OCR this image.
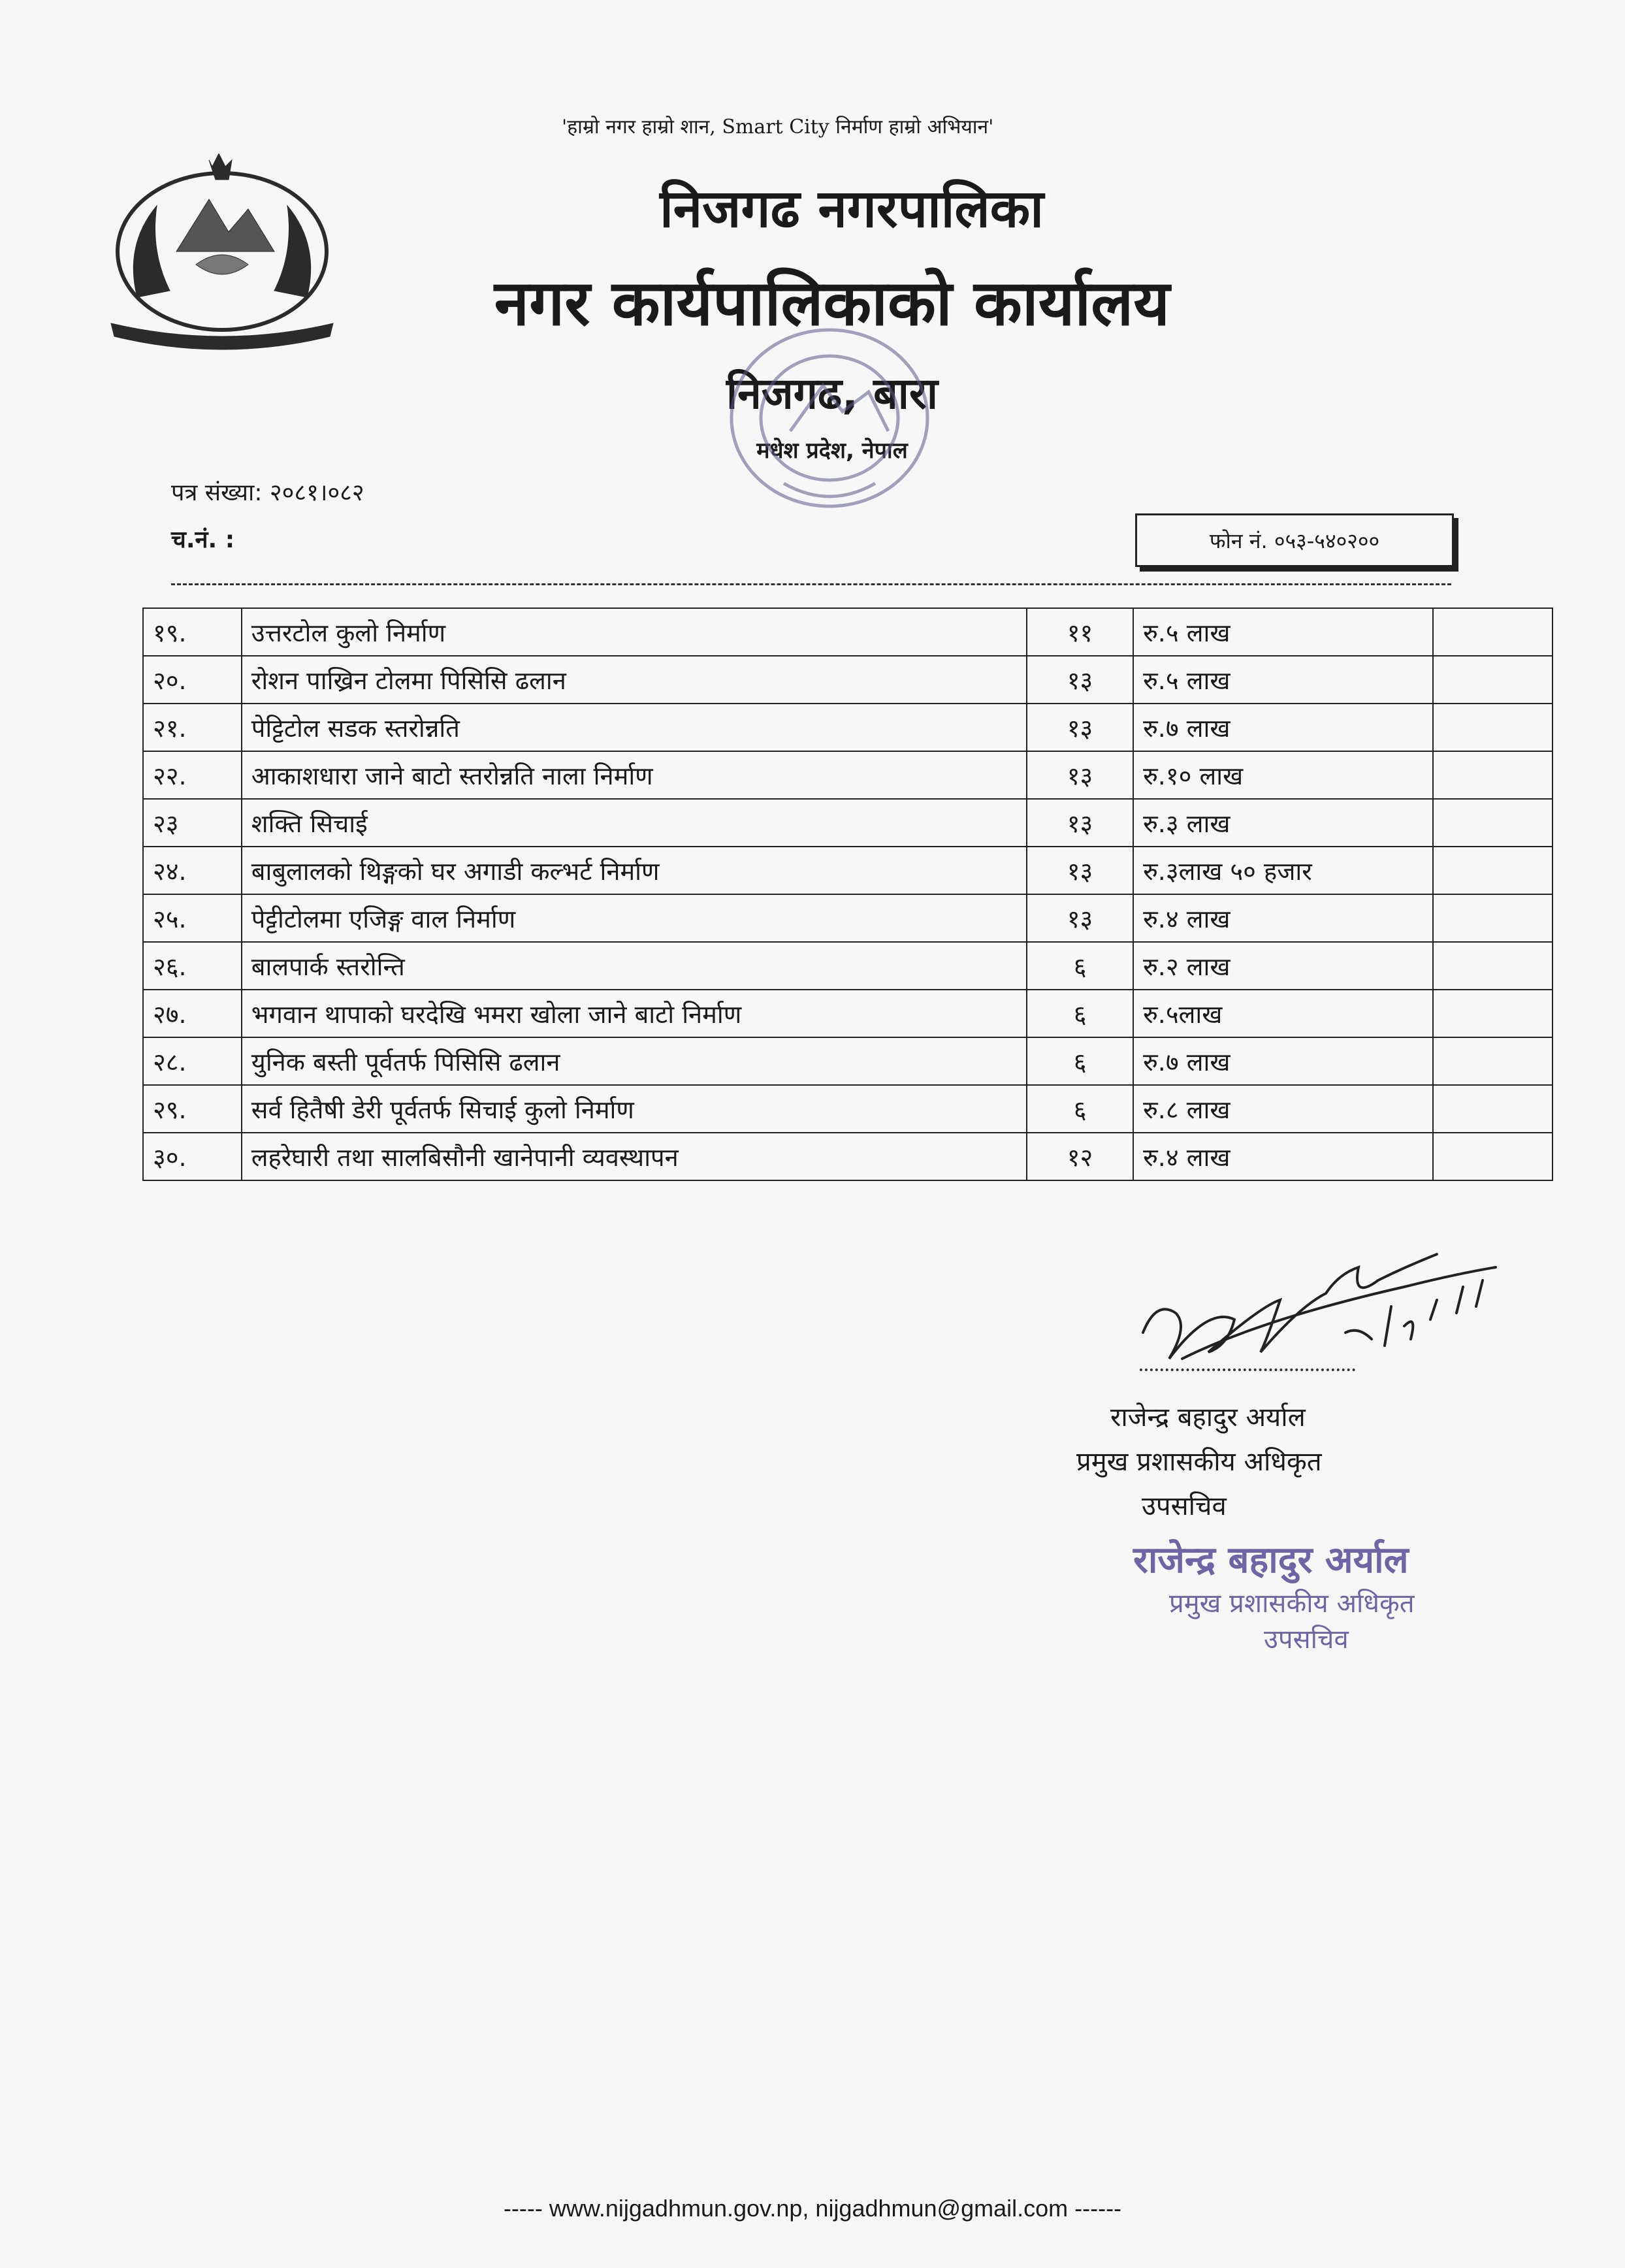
'हाम्रो नगर हाम्रो शान, Smart City निर्माण हाम्रो अभियान'
निजगढ नगरपालिका
नगर कार्यपालिकाको कार्यालय
निजगढ, बारा
मधेश प्रदेश, नेपाल
पत्र संख्या: २०८१।०८२
च.नं. :	फोन नं. ०५३-५४०२००
१९.	उत्तरटोल कुलो निर्माण	११	रु.५ लाख	
२०.	रोशन पाख्रिन टोलमा पिसिसि ढलान	१३	रु.५ लाख	
२१.	पेट्टिटोल सडक स्तरोन्नति	१३	रु.७ लाख	
२२.	आकाशधारा जाने बाटो स्तरोन्नति नाला निर्माण	१३	रु.१० लाख	
२३	शक्ति सिचाई	१३	रु.३ लाख	
२४.	बाबुलालको थिङ्गको घर अगाडी कल्भर्ट निर्माण	१३	रु.३लाख ५० हजार	
२५.	पेट्टीटोलमा एजिङ्ग वाल निर्माण	१३	रु.४ लाख	
२६.	बालपार्क स्तरोन्ति	६	रु.२ लाख	
२७.	भगवान थापाको घरदेखि भमरा खोला जाने बाटो निर्माण	६	रु.५लाख	
२८.	युनिक बस्ती पूर्वतर्फ पिसिसि ढलान	६	रु.७ लाख	
२९.	सर्व हितैषी डेरी पूर्वतर्फ सिचाई कुलो निर्माण	६	रु.८ लाख	
३०.	लहरेघारी तथा सालबिसौनी खानेपानी व्यवस्थापन	१२	रु.४ लाख	
राजेन्द्र बहादुर अर्याल
प्रमुख प्रशासकीय अधिकृत
उपसचिव
राजेन्द्र बहादुर अर्याल
प्रमुख प्रशासकीय अधिकृत
उपसचिव
----- www.nijgadhmun.gov.np, nijgadhmun@gmail.com ------
